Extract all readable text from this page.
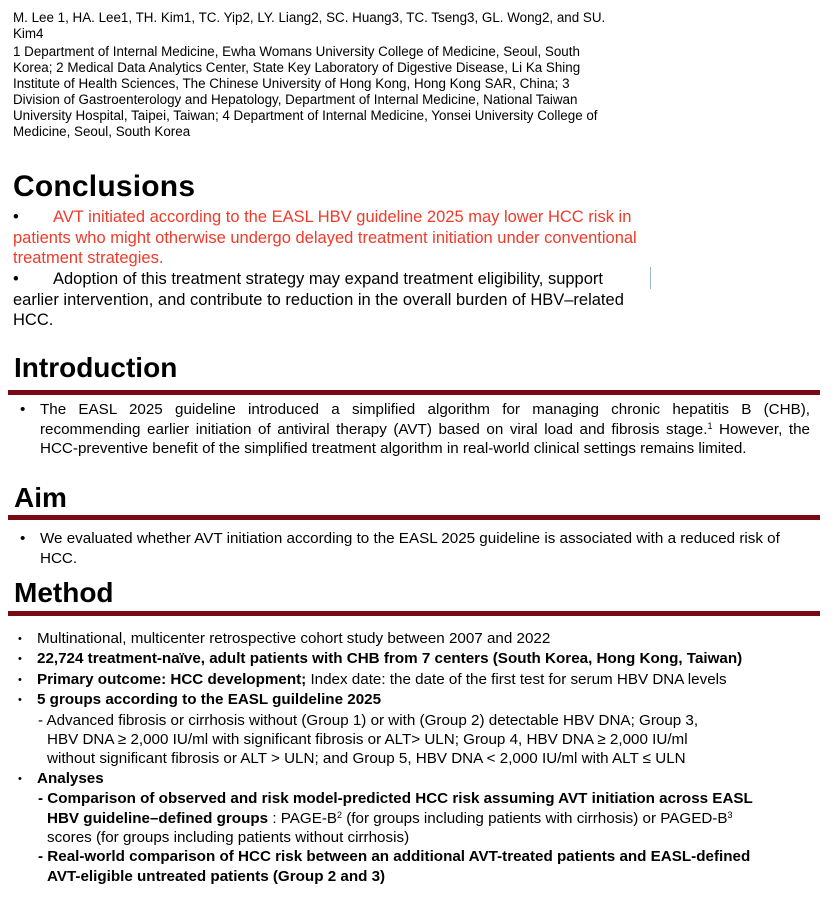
M. Lee 1, HA. Lee1, TH. Kim1, TC. Yip2, LY. Liang2, SC. Huang3, TC. Tseng3, GL. Wong2, and SU. Kim4
1 Department of Internal Medicine, Ewha Womans University College of Medicine, Seoul, South Korea; 2 Medical Data Analytics Center, State Key Laboratory of Digestive Disease, Li Ka Shing Institute of Health Sciences, The Chinese University of Hong Kong, Hong Kong SAR, China; 3 Division of Gastroenterology and Hepatology, Department of Internal Medicine, National Taiwan University Hospital, Taipei, Taiwan; 4 Department of Internal Medicine, Yonsei University College of Medicine, Seoul, South Korea
Conclusions
• AVT initiated according to the EASL HBV guideline 2025 may lower HCC risk in patients who might otherwise undergo delayed treatment initiation under conventional treatment strategies.
• Adoption of this treatment strategy may expand treatment eligibility, support earlier intervention, and contribute to reduction in the overall burden of HBV–related HCC.
Introduction
• The EASL 2025 guideline introduced a simplified algorithm for managing chronic hepatitis B (CHB), recommending earlier initiation of antiviral therapy (AVT) based on viral load and fibrosis stage.$^1$ However, the HCC-preventive benefit of the simplified treatment algorithm in real-world clinical settings remains limited.
Aim
• We evaluated whether AVT initiation according to the EASL 2025 guideline is associated with a reduced risk of HCC.
Method
• Multinational, multicenter retrospective cohort study between 2007 and 2022
• 22,724 treatment-naïve, adult patients with CHB from 7 centers (South Korea, Hong Kong, Taiwan)
• Primary outcome: HCC development; Index date: the date of the first test for serum HBV DNA levels
• 5 groups according to the EASL guildeline 2025
- Advanced fibrosis or cirrhosis without (Group 1) or with (Group 2) detectable HBV DNA; Group 3,
HBV DNA ≥ 2,000 IU/ml with significant fibrosis or ALT> ULN; Group 4, HBV DNA ≥ 2,000 IU/ml
without significant fibrosis or ALT > ULN; and Group 5, HBV DNA < 2,000 IU/ml with ALT ≤ ULN
• Analyses
- Comparison of observed and risk model-predicted HCC risk assuming AVT initiation across EASL
HBV guideline–defined groups : PAGE-$B^2$ (for groups including patients with cirrhosis) or PAGED-$B^3$
scores (for groups including patients without cirrhosis)
- Real-world comparison of HCC risk between an additional AVT-treated patients and EASL-defined
AVT-eligible untreated patients (Group 2 and 3)
